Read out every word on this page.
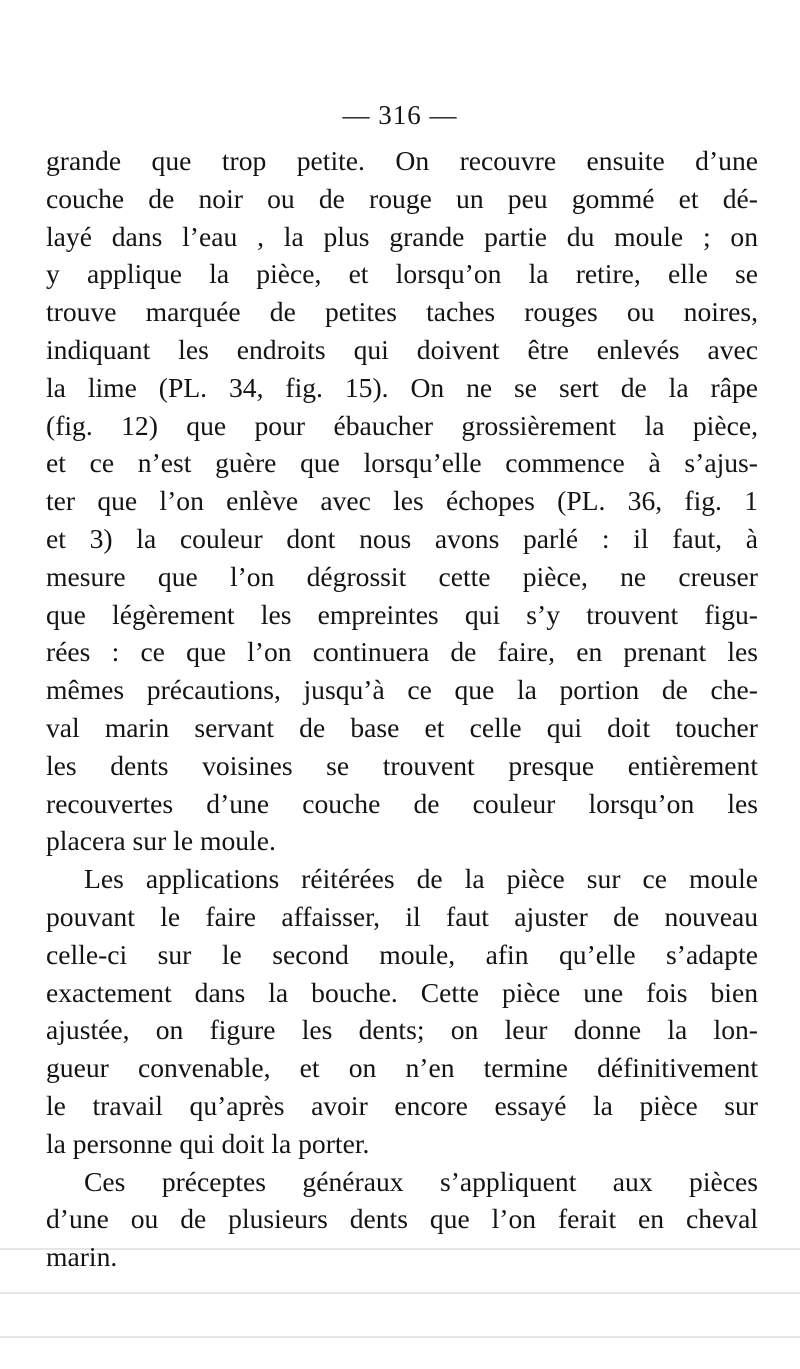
— 316 —
grande que trop petite. On recouvre ensuite d’une
couche de noir ou de rouge un peu gommé et dé-
layé dans l’eau , la plus grande partie du moule ; on
y applique la pièce, et lorsqu’on la retire, elle se
trouve marquée de petites taches rouges ou noires,
indiquant les endroits qui doivent être enlevés avec
la lime (PL. 34, fig. 15). On ne se sert de la râpe
(fig. 12) que pour ébaucher grossièrement la pièce,
et ce n’est guère que lorsqu’elle commence à s’ajus-
ter que l’on enlève avec les échopes (PL. 36, fig. 1
et 3) la couleur dont nous avons parlé : il faut, à
mesure que l’on dégrossit cette pièce, ne creuser
que légèrement les empreintes qui s’y trouvent figu-
rées : ce que l’on continuera de faire, en prenant les
mêmes précautions, jusqu’à ce que la portion de che-
val marin servant de base et celle qui doit toucher
les dents voisines se trouvent presque entièrement
recouvertes d’une couche de couleur lorsqu’on les
placera sur le moule.
Les applications réitérées de la pièce sur ce moule
pouvant le faire affaisser, il faut ajuster de nouveau
celle-ci sur le second moule, afin qu’elle s’adapte
exactement dans la bouche. Cette pièce une fois bien
ajustée, on figure les dents; on leur donne la lon-
gueur convenable, et on n’en termine définitivement
le travail qu’après avoir encore essayé la pièce sur
la personne qui doit la porter.
Ces préceptes généraux s’appliquent aux pièces
d’une ou de plusieurs dents que l’on ferait en cheval
marin.
